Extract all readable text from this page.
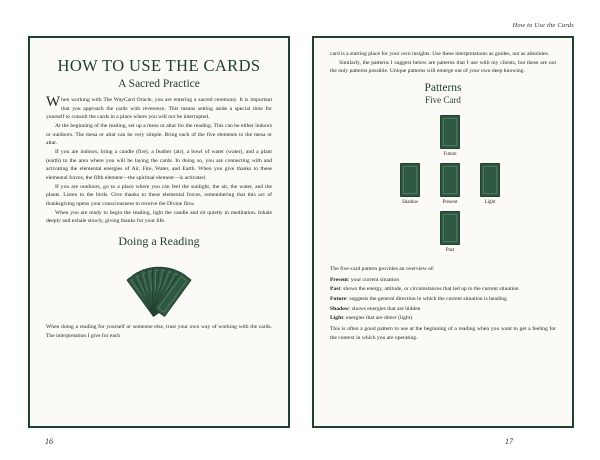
HOW TO USE THE CARDS
A Sacred Practice

When working with The WayCard Oracle, you are entering a sacred ceremony. It is important that you approach the cards with reverence. This means setting aside a special time for yourself to consult the cards in a place where you will not be interrupted.

At the beginning of the reading, set up a mesa or altar for the reading. This can be either indoors or outdoors. The mesa or altar can be very simple. Bring each of the five elements to the mesa or altar.

If you are indoors, bring a candle (fire), a feather (air), a bowl of water (water), and a plant (earth) to the area where you will be laying the cards. In doing so, you are connecting with and activating the elemental energies of Air, Fire, Water, and Earth. When you give thanks to these elemental forces, the fifth element—the spiritual element—is activated.

If you are outdoors, go to a place where you can feel the sunlight, the air, the water, and the plants. Listen to the birds. Give thanks to these elemental forces, remembering that this act of thanksgiving opens your consciousness to receive the Divine flow.

When you are ready to begin the reading, light the candle and sit quietly in meditation. Inhale deeply and exhale slowly, giving thanks for your life.

Doing a Reading

When doing a reading for yourself or someone else, trust your own way of working with the cards. The interpretation I give for each

16
How to Use the Cards

card is a starting place for your own insights. Use these interpretations as guides, not as absolutes.

Similarly, the patterns I suggest below are patterns that I use with my clients, but these are not the only patterns possible. Unique patterns will emerge out of your own deep knowing.

Patterns
Five Card
Future
Shadow	Present	Light
Past

The five-card pattern provides an overview of:

Present: your current situation

Past: shows the energy, attitude, or circumstances that led up to the current situation

Future: suggests the general direction in which the current situation is heading

Shadow: shows energies that are hidden

Light: energies that are direct (light)

This is often a good pattern to use at the beginning of a reading when you want to get a feeling for the context in which you are operating.

17
